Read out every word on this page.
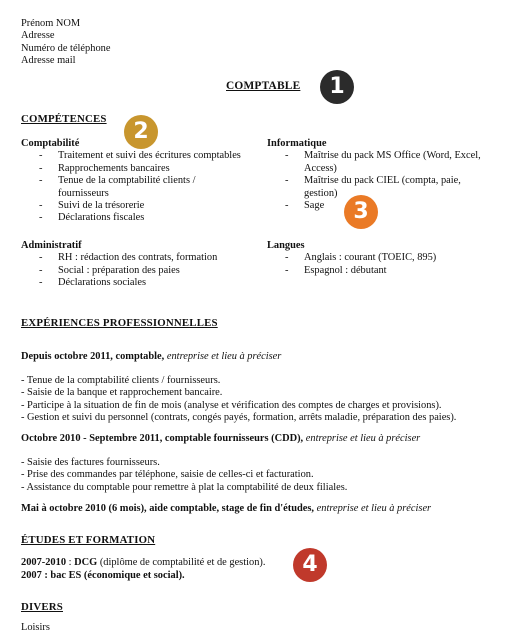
Prénom NOM
Adresse
Numéro de téléphone
Adresse mail
COMPTABLE 1
2
3
4
COMPÉTENCES
Comptabilité
- Traitement et suivi des écritures comptables
- Rapprochements bancaires
- Tenue de la comptabilité clients / fournisseurs
- Suivi de la trésorerie
- Déclarations fiscales
Informatique
- Maîtrise du pack MS Office (Word, Excel, Access)
- Maîtrise du pack CIEL (compta, paie, gestion)
- Sage
Administratif
- RH : rédaction des contrats, formation
- Social : préparation des paies
- Déclarations sociales
Langues
- Anglais : courant (TOEIC, 895)
- Espagnol : débutant
EXPÉRIENCES PROFESSIONNELLES
Depuis octobre 2011, comptable, entreprise et lieu à préciser
- Tenue de la comptabilité clients / fournisseurs.
- Saisie de la banque et rapprochement bancaire.
- Participe à la situation de fin de mois (analyse et vérification des comptes de charges et provisions).
- Gestion et suivi du personnel (contrats, congés payés, formation, arrêts maladie, préparation des paies).
Octobre 2010 - Septembre 2011, comptable fournisseurs (CDD), entreprise et lieu à préciser
- Saisie des factures fournisseurs.
- Prise des commandes par téléphone, saisie de celles-ci et facturation.
- Assistance du comptable pour remettre à plat la comptabilité de deux filiales.
Mai à octobre 2010 (6 mois), aide comptable, stage de fin d'études, entreprise et lieu à préciser
ÉTUDES ET FORMATION
2007-2010 : DCG (diplôme de comptabilité et de gestion).
2007 : bac ES (économique et social).
DIVERS
Loisirs
